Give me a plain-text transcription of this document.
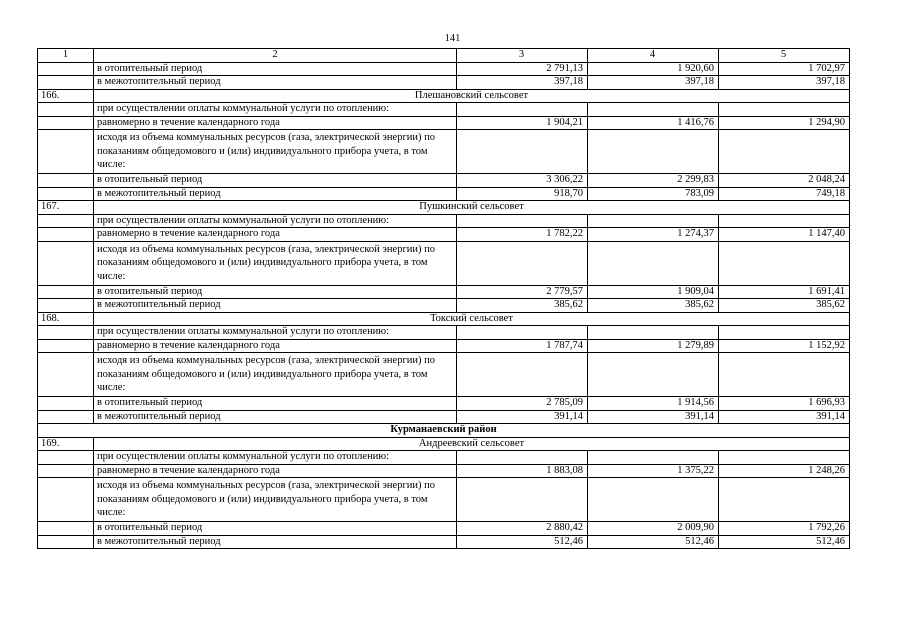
141
1	2	3	4	5
	в отопительный период	2 791,13	1 920,60	1 702,97
	в межотопительный период	397,18	397,18	397,18
166.	Плешановский сельсовет			
	при осуществлении оплаты коммунальной услуги по отоплению:			
	равномерно в течение календарного года	1 904,21	1 416,76	1 294,90
	исходя из объема коммунальных ресурсов (газа, электрической энергии) по показаниям общедомового и (или) индивидуального прибора учета, в том числе:			
	в отопительный период	3 306,22	2 299,83	2 048,24
	в межотопительный период	918,70	783,09	749,18
167.	Пушкинский сельсовет			
	при осуществлении оплаты коммунальной услуги по отоплению:			
	равномерно в течение календарного года	1 782,22	1 274,37	1 147,40
	исходя из объема коммунальных ресурсов (газа, электрической энергии) по показаниям общедомового и (или) индивидуального прибора учета, в том числе:			
	в отопительный период	2 779,57	1 909,04	1 691,41
	в межотопительный период	385,62	385,62	385,62
168.	Токский сельсовет			
	при осуществлении оплаты коммунальной услуги по отоплению:			
	равномерно в течение календарного года	1 787,74	1 279,89	1 152,92
	исходя из объема коммунальных ресурсов (газа, электрической энергии) по показаниям общедомового и (или) индивидуального прибора учета, в том числе:			
	в отопительный период	2 785,09	1 914,56	1 696,93
	в межотопительный период	391,14	391,14	391,14
Курманаевский район				
169.	Андреевский сельсовет			
	при осуществлении оплаты коммунальной услуги по отоплению:			
	равномерно в течение календарного года	1 883,08	1 375,22	1 248,26
	исходя из объема коммунальных ресурсов (газа, электрической энергии) по показаниям общедомового и (или) индивидуального прибора учета, в том числе:			
	в отопительный период	2 880,42	2 009,90	1 792,26
	в межотопительный период	512,46	512,46	512,46
